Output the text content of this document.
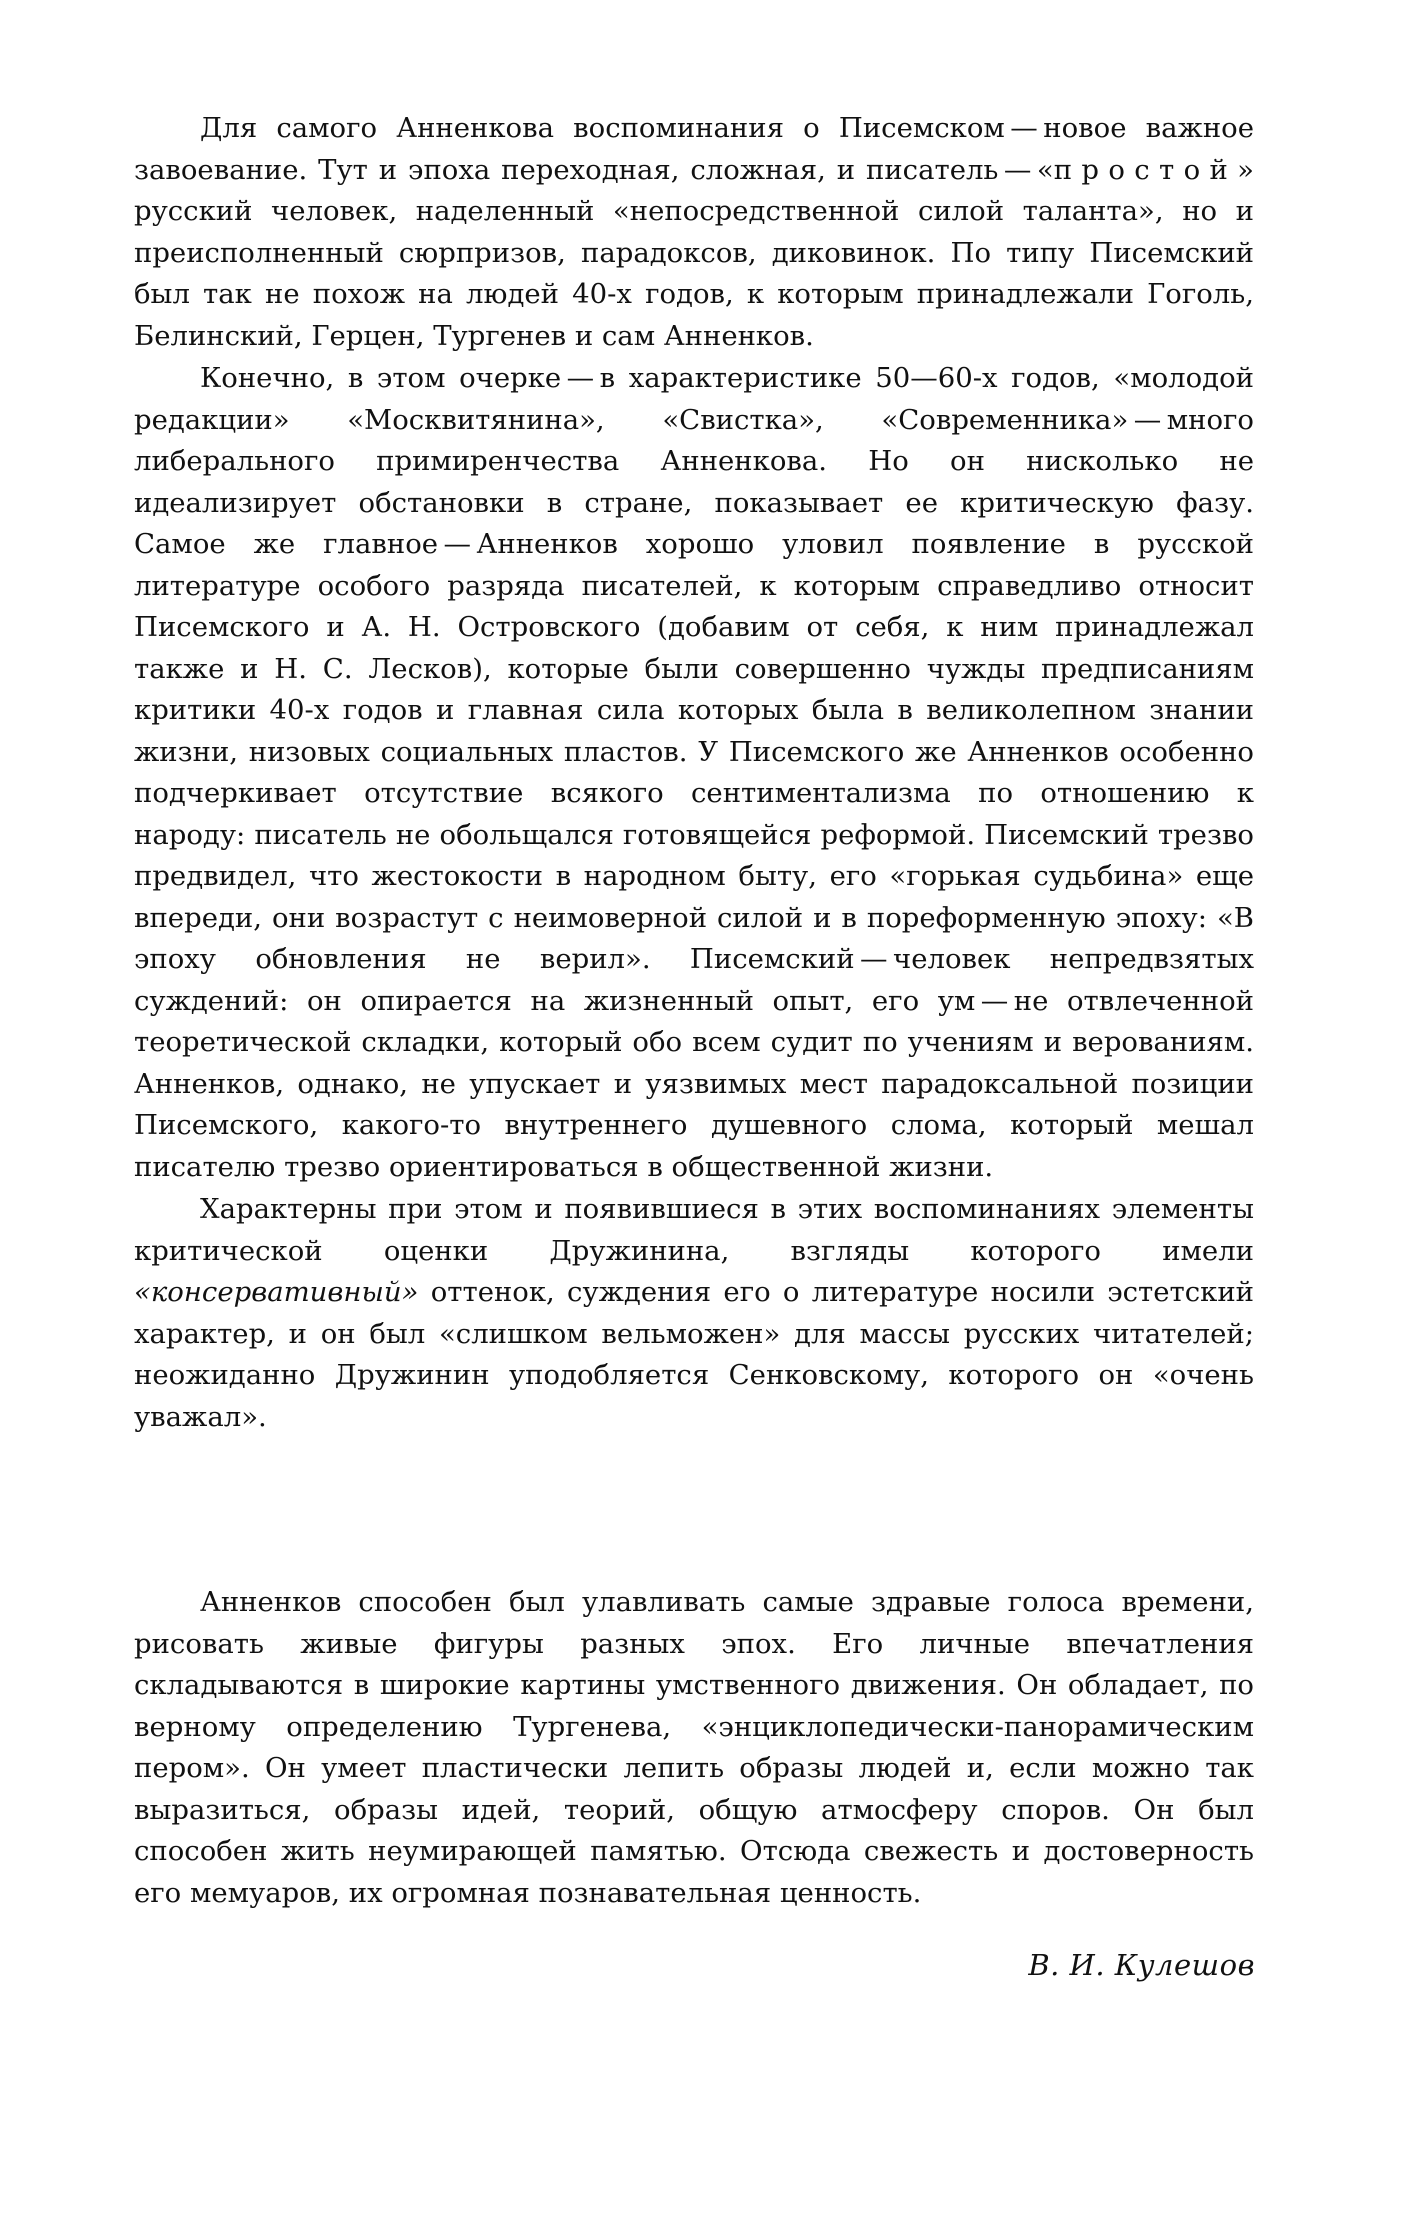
Для самого Анненкова воспоминания о Писемском — новое важное завоевание. Тут и эпоха переходная, сложная, и писатель — «простой» русский человек, наделенный «непосредственной силой таланта», но и преисполненный сюрпризов, парадоксов, диковинок. По типу Писемский был так не похож на людей 40-х годов, к которым принадлежали Гоголь, Белинский, Герцен, Тургенев и сам Анненков.

Конечно, в этом очерке — в характеристике 50—60-х годов, «молодой редакции» «Москвитянина», «Свистка», «Современника» — много либерального примиренчества Анненкова. Но он нисколько не идеализирует обстановки в стране, показывает ее критическую фазу. Самое же главное — Анненков хорошо уловил появление в русской литературе особого разряда писателей, к которым справедливо относит Писемского и А. Н. Островского (добавим от себя, к ним принадлежал также и Н. С. Лесков), которые были совершенно чужды предписаниям критики 40-х годов и главная сила которых была в великолепном знании жизни, низовых социальных пластов. У Писемского же Анненков особенно подчеркивает отсутствие всякого сентиментализма по отношению к народу: писатель не обольщался готовящейся реформой. Писемский трезво предвидел, что жестокости в народном быту, его «горькая судьбина» еще впереди, они возрастут с неимоверной силой и в пореформенную эпоху: «В эпоху обновления не верил». Писемский — человек непредвзятых суждений: он опирается на жизненный опыт, его ум — не отвлеченной теоретической складки, который обо всем судит по учениям и верованиям. Анненков, однако, не упускает и уязвимых мест парадоксальной позиции Писемского, какого-то внутреннего душевного слома, который мешал писателю трезво ориентироваться в общественной жизни.

Характерны при этом и появившиеся в этих воспоминаниях элементы критической оценки Дружинина, взгляды которого имели «консервативный» оттенок, суждения его о литературе носили эстетский характер, и он был «слишком вельможен» для массы русских читателей; неожиданно Дружинин уподобляется Сенковскому, которого он «очень уважал».

Анненков способен был улавливать самые здравые голоса времени, рисовать живые фигуры разных эпох. Его личные впечатления складываются в широкие картины умственного движения. Он обладает, по верному определению Тургенева, «энциклопедически-панорамическим пером». Он умеет пластически лепить образы людей и, если можно так выразиться, образы идей, теорий, общую атмосферу споров. Он был способен жить неумирающей памятью. Отсюда свежесть и достоверность его мемуаров, их огромная познавательная ценность.

В. И. Кулешов
